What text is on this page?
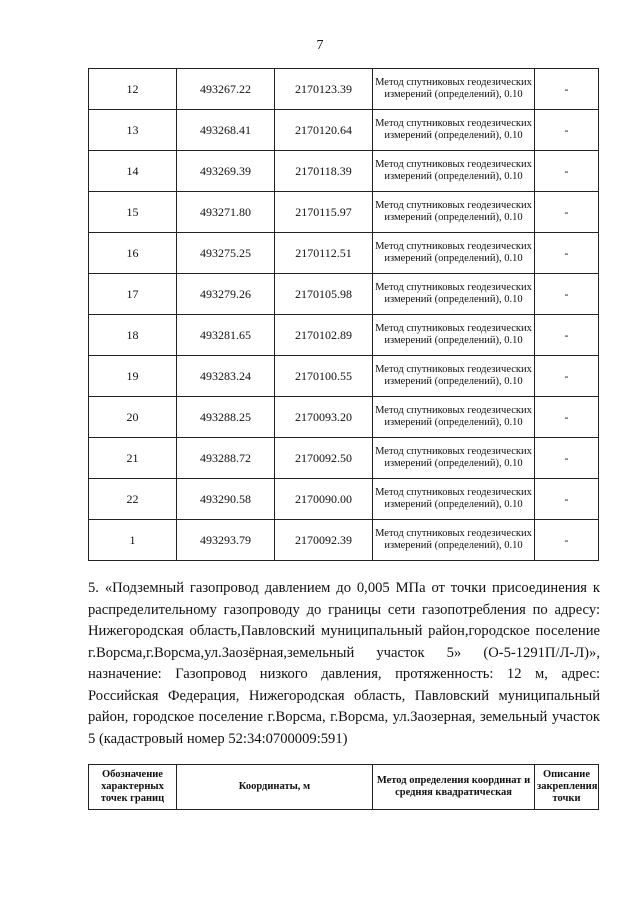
7
12	493267.22	2170123.39	Метод спутниковых геодезических измерений (определений), 0.10	-
13	493268.41	2170120.64	Метод спутниковых геодезических измерений (определений), 0.10	-
14	493269.39	2170118.39	Метод спутниковых геодезических измерений (определений), 0.10	-
15	493271.80	2170115.97	Метод спутниковых геодезических измерений (определений), 0.10	-
16	493275.25	2170112.51	Метод спутниковых геодезических измерений (определений), 0.10	-
17	493279.26	2170105.98	Метод спутниковых геодезических измерений (определений), 0.10	-
18	493281.65	2170102.89	Метод спутниковых геодезических измерений (определений), 0.10	-
19	493283.24	2170100.55	Метод спутниковых геодезических измерений (определений), 0.10	-
20	493288.25	2170093.20	Метод спутниковых геодезических измерений (определений), 0.10	-
21	493288.72	2170092.50	Метод спутниковых геодезических измерений (определений), 0.10	-
22	493290.58	2170090.00	Метод спутниковых геодезических измерений (определений), 0.10	-
1	493293.79	2170092.39	Метод спутниковых геодезических измерений (определений), 0.10	-
5. «Подземный газопровод давлением до 0,005 МПа от точки присоединения к распределительному газопроводу до границы сети газопотребления по адресу: Нижегородская область,Павловский муниципальный район,городское поселение г.Ворсма,г.Ворсма,ул.Заозёрная,земельный участок 5» (О-5-1291П/Л-Л)», назначение: Газопровод низкого давления, протяженность: 12 м, адрес: Российская Федерация, Нижегородская область, Павловский муниципальный район, городское поселение г.Ворсма, г.Ворсма, ул.Заозерная, земельный участок 5 (кадастровый номер 52:34:0700009:591)
Обозначение характерных точек границ	Координаты, м	Метод определения координат и средняя квадратическая	Описание закрепления точки
